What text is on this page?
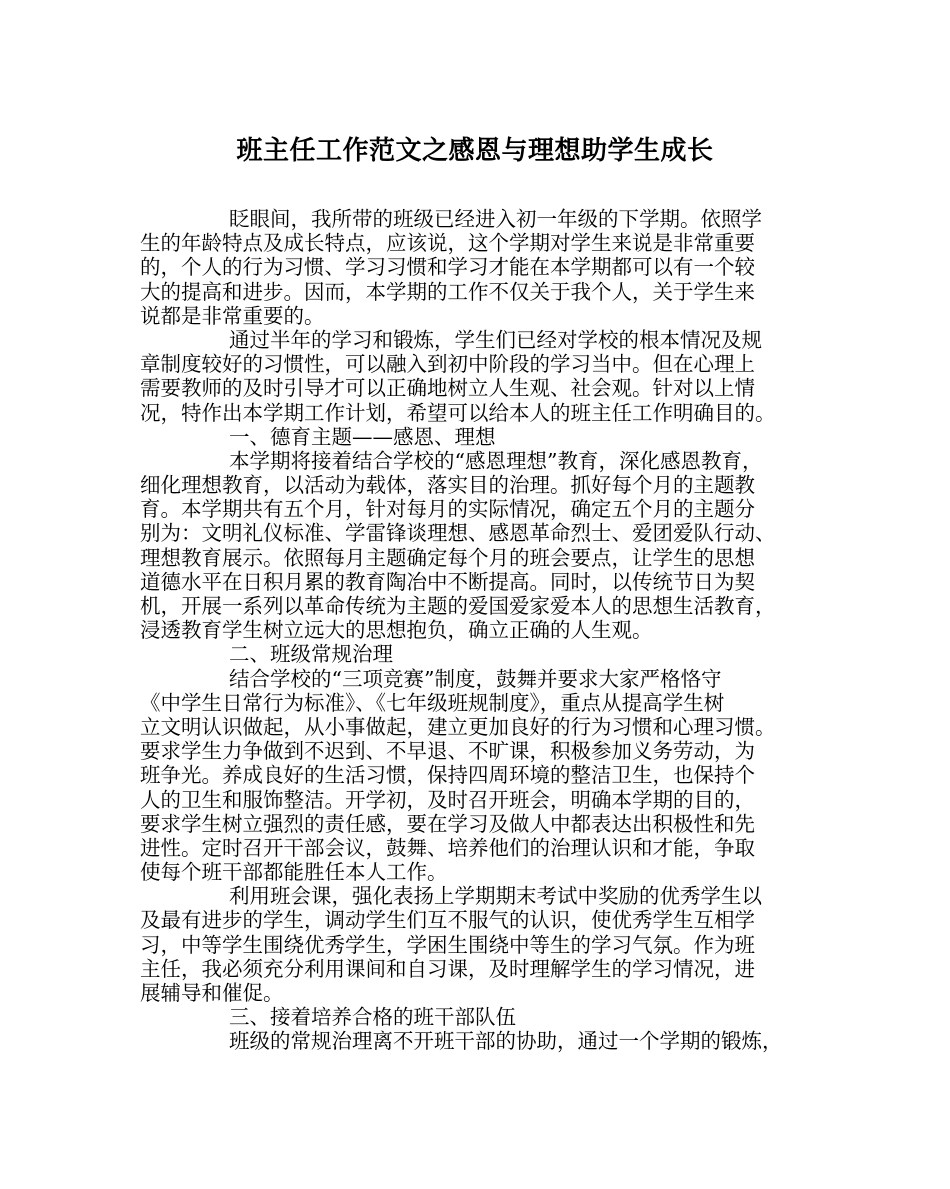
班主任工作范文之感恩与理想助学生成长
眨眼间，我所带的班级已经进入初一年级的下学期。依照学
生的年龄特点及成长特点，应该说，这个学期对学生来说是非常重要
的，个人的行为习惯、学习习惯和学习才能在本学期都可以有一个较
大的提高和进步。因而，本学期的工作不仅关于我个人，关于学生来
说都是非常重要的。
通过半年的学习和锻炼，学生们已经对学校的根本情况及规
章制度较好的习惯性，可以融入到初中阶段的学习当中。但在心理上
需要教师的及时引导才可以正确地树立人生观、社会观。针对以上情
况，特作出本学期工作计划，希望可以给本人的班主任工作明确目的。
一、德育主题——感恩、理想
本学期将接着结合学校的“感恩理想”教育，深化感恩教育，
细化理想教育，以活动为载体，落实目的治理。抓好每个月的主题教
育。本学期共有五个月，针对每月的实际情况，确定五个月的主题分
别为：文明礼仪标准、学雷锋谈理想、感恩革命烈士、爱团爱队行动、
理想教育展示。依照每月主题确定每个月的班会要点，让学生的思想
道德水平在日积月累的教育陶冶中不断提高。同时，以传统节日为契
机，开展一系列以革命传统为主题的爱国爱家爱本人的思想生活教育，
浸透教育学生树立远大的思想抱负，确立正确的人生观。
二、班级常规治理
结合学校的“三项竞赛”制度，鼓舞并要求大家严格恪守
《中学生日常行为标准》、《七年级班规制度》，重点从提高学生树
立文明认识做起，从小事做起，建立更加良好的行为习惯和心理习惯。
要求学生力争做到不迟到、不早退、不旷课，积极参加义务劳动，为
班争光。养成良好的生活习惯，保持四周环境的整洁卫生，也保持个
人的卫生和服饰整洁。开学初，及时召开班会，明确本学期的目的，
要求学生树立强烈的责任感，要在学习及做人中都表达出积极性和先
进性。定时召开干部会议，鼓舞、培养他们的治理认识和才能，争取
使每个班干部都能胜任本人工作。
利用班会课，强化表扬上学期期末考试中奖励的优秀学生以
及最有进步的学生，调动学生们互不服气的认识，使优秀学生互相学
习，中等学生围绕优秀学生，学困生围绕中等生的学习气氛。作为班
主任，我必须充分利用课间和自习课，及时理解学生的学习情况，进
展辅导和催促。
三、接着培养合格的班干部队伍
班级的常规治理离不开班干部的协助，通过一个学期的锻炼，
